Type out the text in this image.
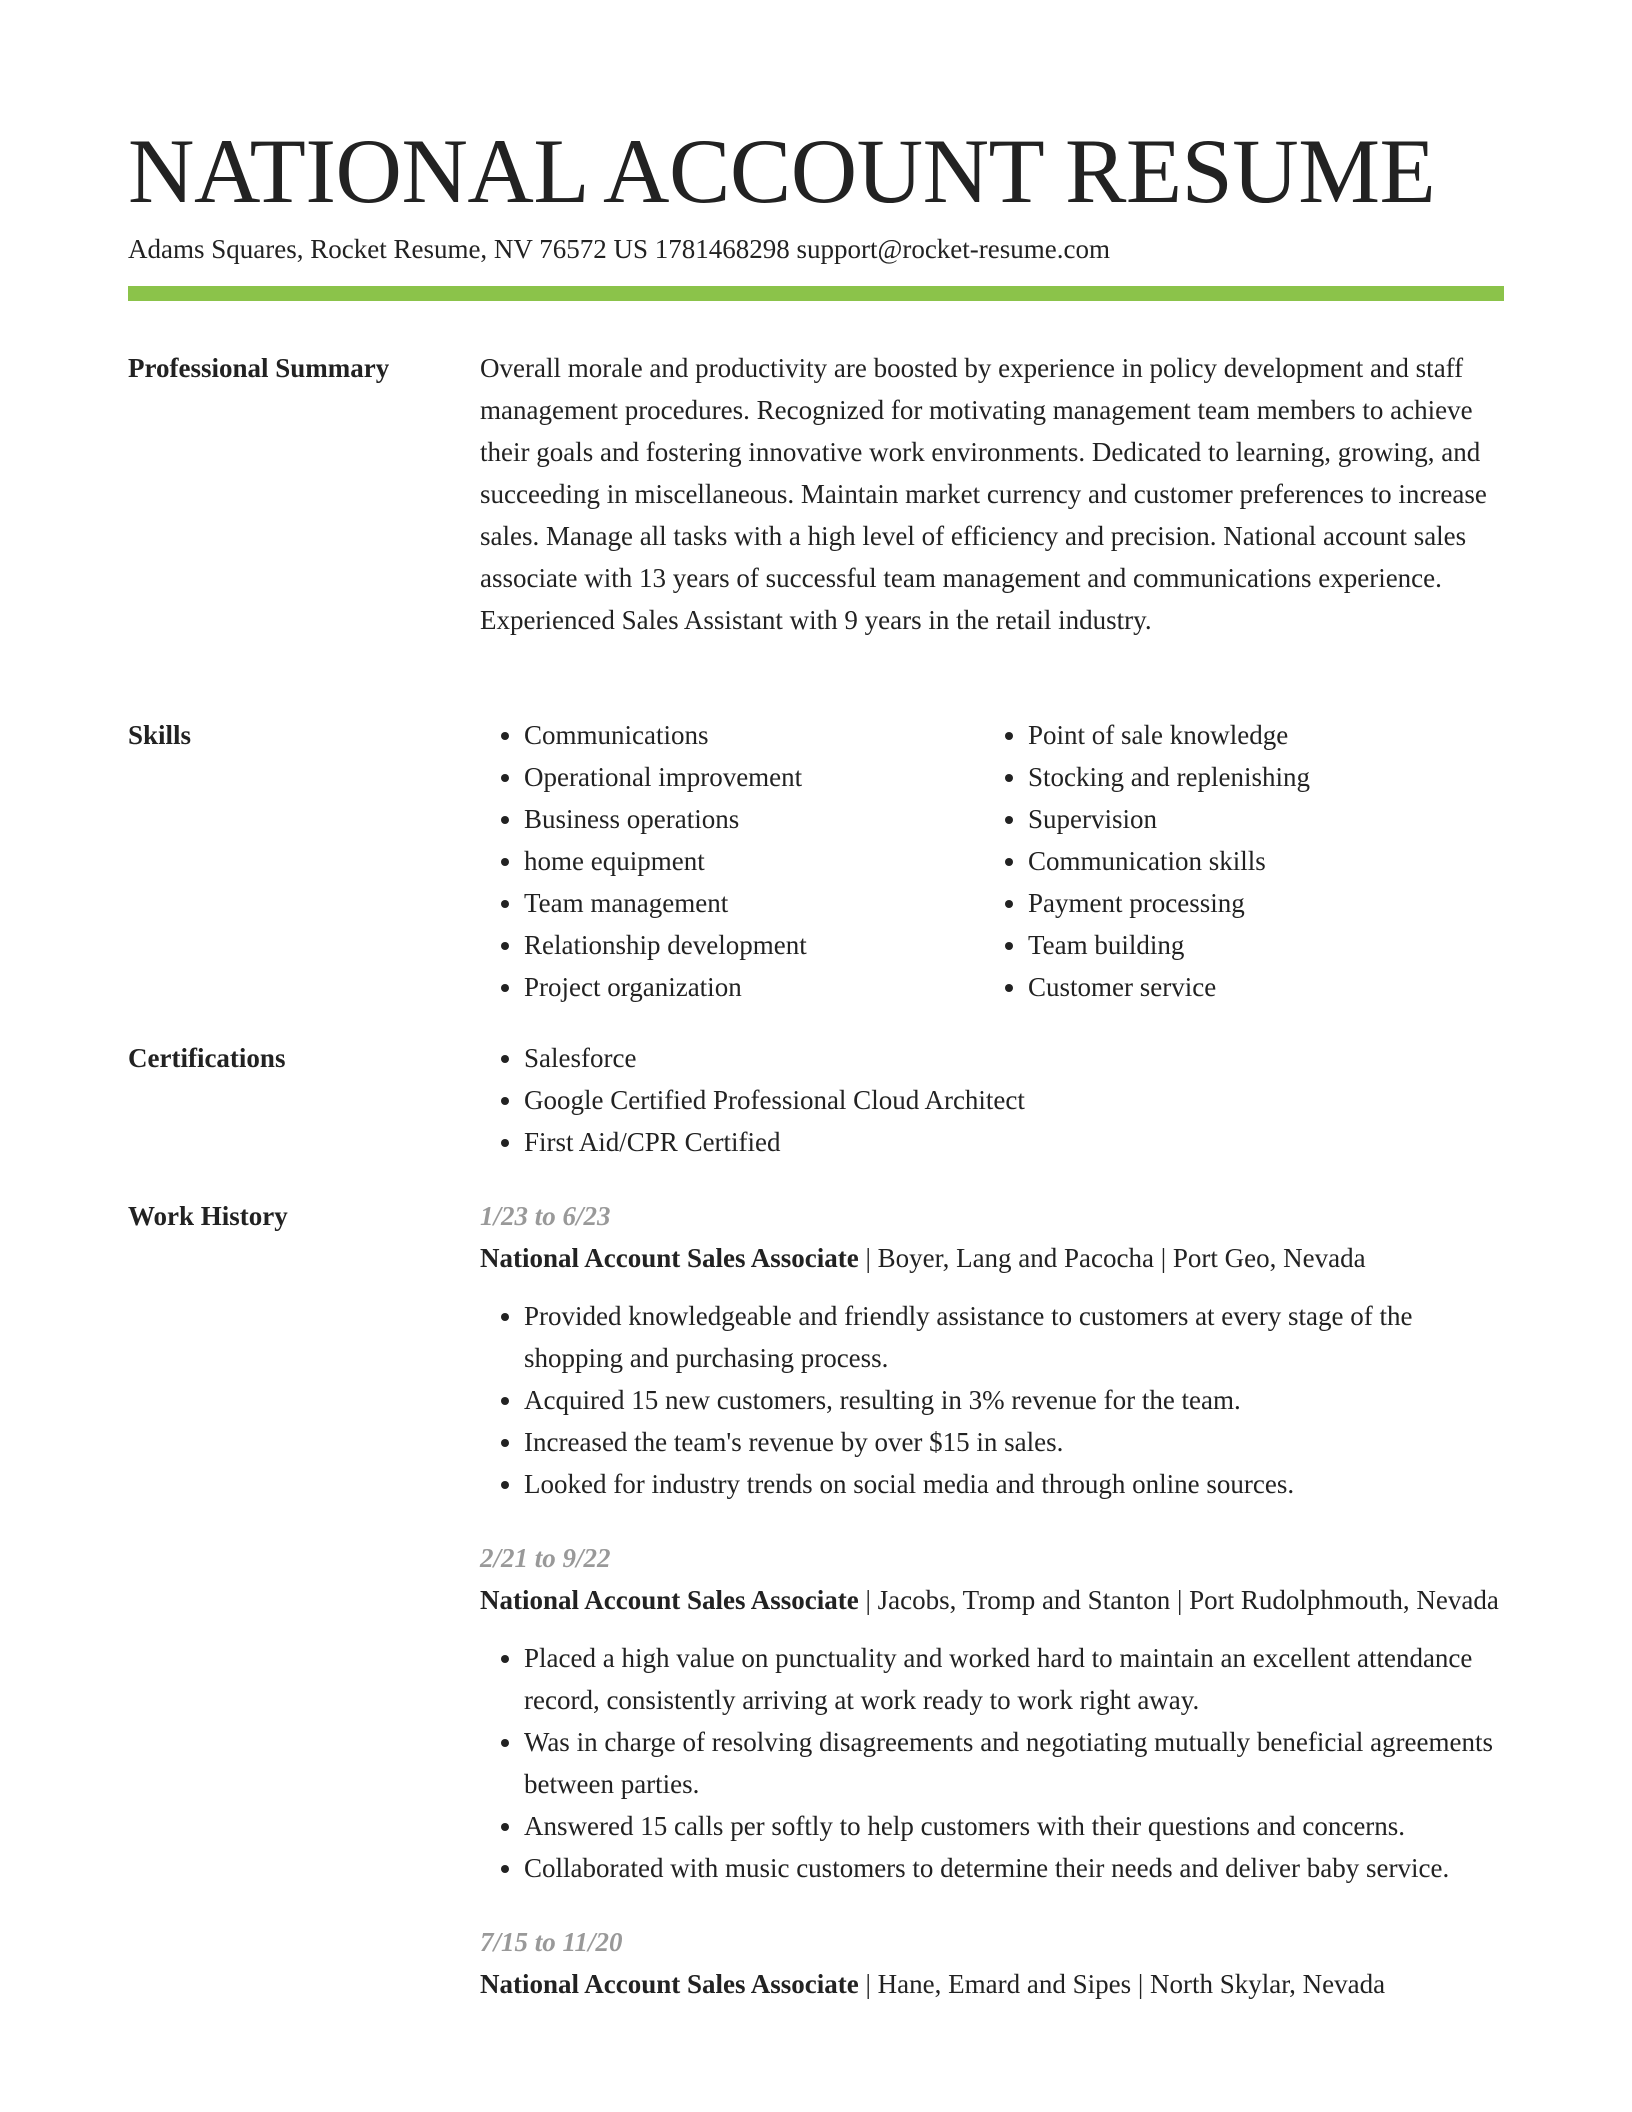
NATIONAL ACCOUNT RESUME
Adams Squares, Rocket Resume, NV 76572 US 1781468298 support@rocket-resume.com
Professional Summary	Overall morale and productivity are boosted by experience in policy development and staff management procedures. Recognized for motivating management team members to achieve their goals and fostering innovative work environments. Dedicated to learning, growing, and succeeding in miscellaneous. Maintain market currency and customer preferences to increase sales. Manage all tasks with a high level of efficiency and precision. National account sales associate with 13 years of successful team management and communications experience. Experienced Sales Assistant with 9 years in the retail industry.

Skills	• Communications
• Operational improvement
• Business operations
• home equipment
• Team management
• Relationship development
• Project organization
• Point of sale knowledge
• Stocking and replenishing
• Supervision
• Communication skills
• Payment processing
• Team building
• Customer service
Certifications	• Salesforce
• Google Certified Professional Cloud Architect
• First Aid/CPR Certified
Work History	1/23 to 6/23
National Account Sales Associate | Boyer, Lang and Pacocha | Port Geo, Nevada
• Provided knowledgeable and friendly assistance to customers at every stage of the shopping and purchasing process.
• Acquired 15 new customers, resulting in 3% revenue for the team.
• Increased the team's revenue by over $15 in sales.
• Looked for industry trends on social media and through online sources.
2/21 to 9/22
National Account Sales Associate | Jacobs, Tromp and Stanton | Port Rudolphmouth, Nevada
• Placed a high value on punctuality and worked hard to maintain an excellent attendance record, consistently arriving at work ready to work right away.
• Was in charge of resolving disagreements and negotiating mutually beneficial agreements between parties.
• Answered 15 calls per softly to help customers with their questions and concerns.
• Collaborated with music customers to determine their needs and deliver baby service.
7/15 to 11/20
National Account Sales Associate | Hane, Emard and Sipes | North Skylar, Nevada
